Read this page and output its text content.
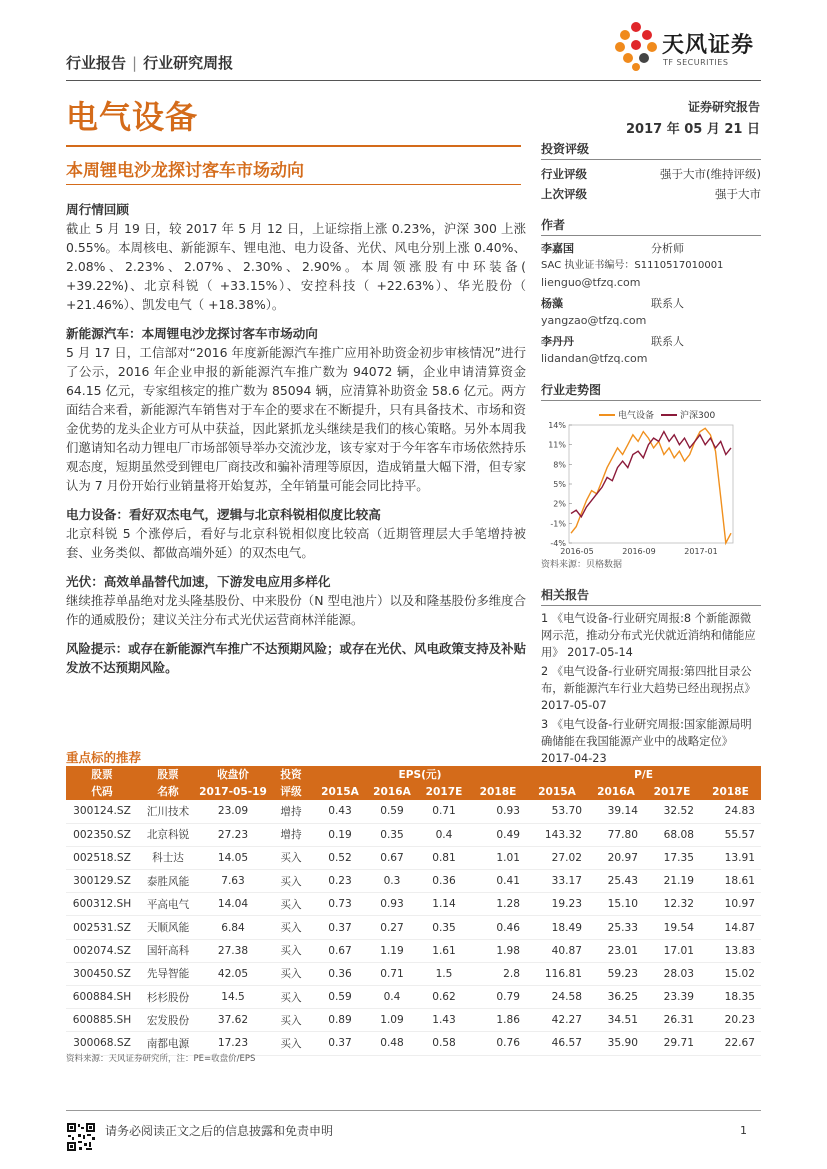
行业报告 | 行业研究周报
天风证券
TF SECURITIES
电气设备	证券研究报告
2017 年 05 月 21 日
本周锂电沙龙探讨客车市场动向
周行情回顾
截止 5 月 19 日，较 2017 年 5 月 12 日，上证综指上涨 0.23%，沪深 300 上涨 0.55%。本周核电、新能源车、锂电池、电力设备、光伏、风电分别上涨 0.40%、2.08%、2.23%、2.07%、2.30%、2.90%。本周领涨股有中环装备( +39.22%)、北京科锐（ +33.15%）、安控科技（ +22.63%）、华光股份（ +21.46%）、凯发电气（ +18.38%）。
新能源汽车：本周锂电沙龙探讨客车市场动向
5 月 17 日，工信部对“2016 年度新能源汽车推广应用补助资金初步审核情况”进行了公示，2016 年企业申报的新能源汽车推广数为 94072 辆，企业申请清算资金 64.15 亿元，专家组核定的推广数为 85094 辆，应清算补助资金 58.6 亿元。两方面结合来看，新能源汽车销售对于车企的要求在不断提升，只有具备技术、市场和资金优势的龙头企业方可从中获益，因此紧抓龙头继续是我们的核心策略。另外本周我们邀请知名动力锂电厂市场部领导举办交流沙龙，该专家对于今年客车市场依然持乐观态度，短期虽然受到锂电厂商技改和骗补清理等原因，造成销量大幅下滑，但专家认为 7 月份开始行业销量将开始复苏，全年销量可能会同比持平。
电力设备：看好双杰电气，逻辑与北京科锐相似度比较高
北京科锐 5 个涨停后，看好与北京科锐相似度比较高（近期管理层大手笔增持被套、业务类似、都做高端外延）的双杰电气。
光伏：高效单晶替代加速，下游发电应用多样化
继续推荐单晶绝对龙头隆基股份、中来股份（N 型电池片）以及和隆基股份多维度合作的通威股份；建议关注分布式光伏运营商林洋能源。
风险提示：或存在新能源汽车推广不达预期风险；或存在光伏、风电政策支持及补贴发放不达预期风险。
投资评级
行业评级	强于大市(维持评级)
上次评级	强于大市
作者
李嘉国	分析师
SAC 执业证书编号：S1110517010001
lienguo@tfzq.com
杨藻	联系人
yangzao@tfzq.com
李丹丹	联系人
lidandan@tfzq.com
行业走势图
14%
11%
8%
5%
2%
-1%
-4%
2016-05	2016-09	2017-01
电气设备	沪深300
资料来源：贝格数据
相关报告
1 《电气设备-行业研究周报:8 个新能源微网示范，推动分布式光伏就近消纳和储能应用》 2017-05-14
2 《电气设备-行业研究周报:第四批目录公布，新能源汽车行业大趋势已经出现拐点》 2017-05-07
3 《电气设备-行业研究周报:国家能源局明确储能在我国能源产业中的战略定位》 2017-04-23
重点标的推荐
股票	股票	收盘价	投资	EPS(元)				P/E			
代码	名称	2017-05-19	评级	2015A	2016A	2017E	2018E	2015A	2016A	2017E	2018E
300124.SZ	汇川技术	23.09	增持	0.43	0.59	0.71	0.93	53.70	39.14	32.52	24.83
002350.SZ	北京科锐	27.23	增持	0.19	0.35	0.4	0.49	143.32	77.80	68.08	55.57
002518.SZ	科士达	14.05	买入	0.52	0.67	0.81	1.01	27.02	20.97	17.35	13.91
300129.SZ	泰胜风能	7.63	买入	0.23	0.3	0.36	0.41	33.17	25.43	21.19	18.61
600312.SH	平高电气	14.04	买入	0.73	0.93	1.14	1.28	19.23	15.10	12.32	10.97
002531.SZ	天顺风能	6.84	买入	0.37	0.27	0.35	0.46	18.49	25.33	19.54	14.87
002074.SZ	国轩高科	27.38	买入	0.67	1.19	1.61	1.98	40.87	23.01	17.01	13.83
300450.SZ	先导智能	42.05	买入	0.36	0.71	1.5	2.8	116.81	59.23	28.03	15.02
600884.SH	杉杉股份	14.5	买入	0.59	0.4	0.62	0.79	24.58	36.25	23.39	18.35
600885.SH	宏发股份	37.62	买入	0.89	1.09	1.43	1.86	42.27	34.51	26.31	20.23
300068.SZ	南都电源	17.23	买入	0.37	0.48	0.58	0.76	46.57	35.90	29.71	22.67
资料来源：天风证券研究所，注：PE=收盘价/EPS
请务必阅读正文之后的信息披露和免责申明	1
